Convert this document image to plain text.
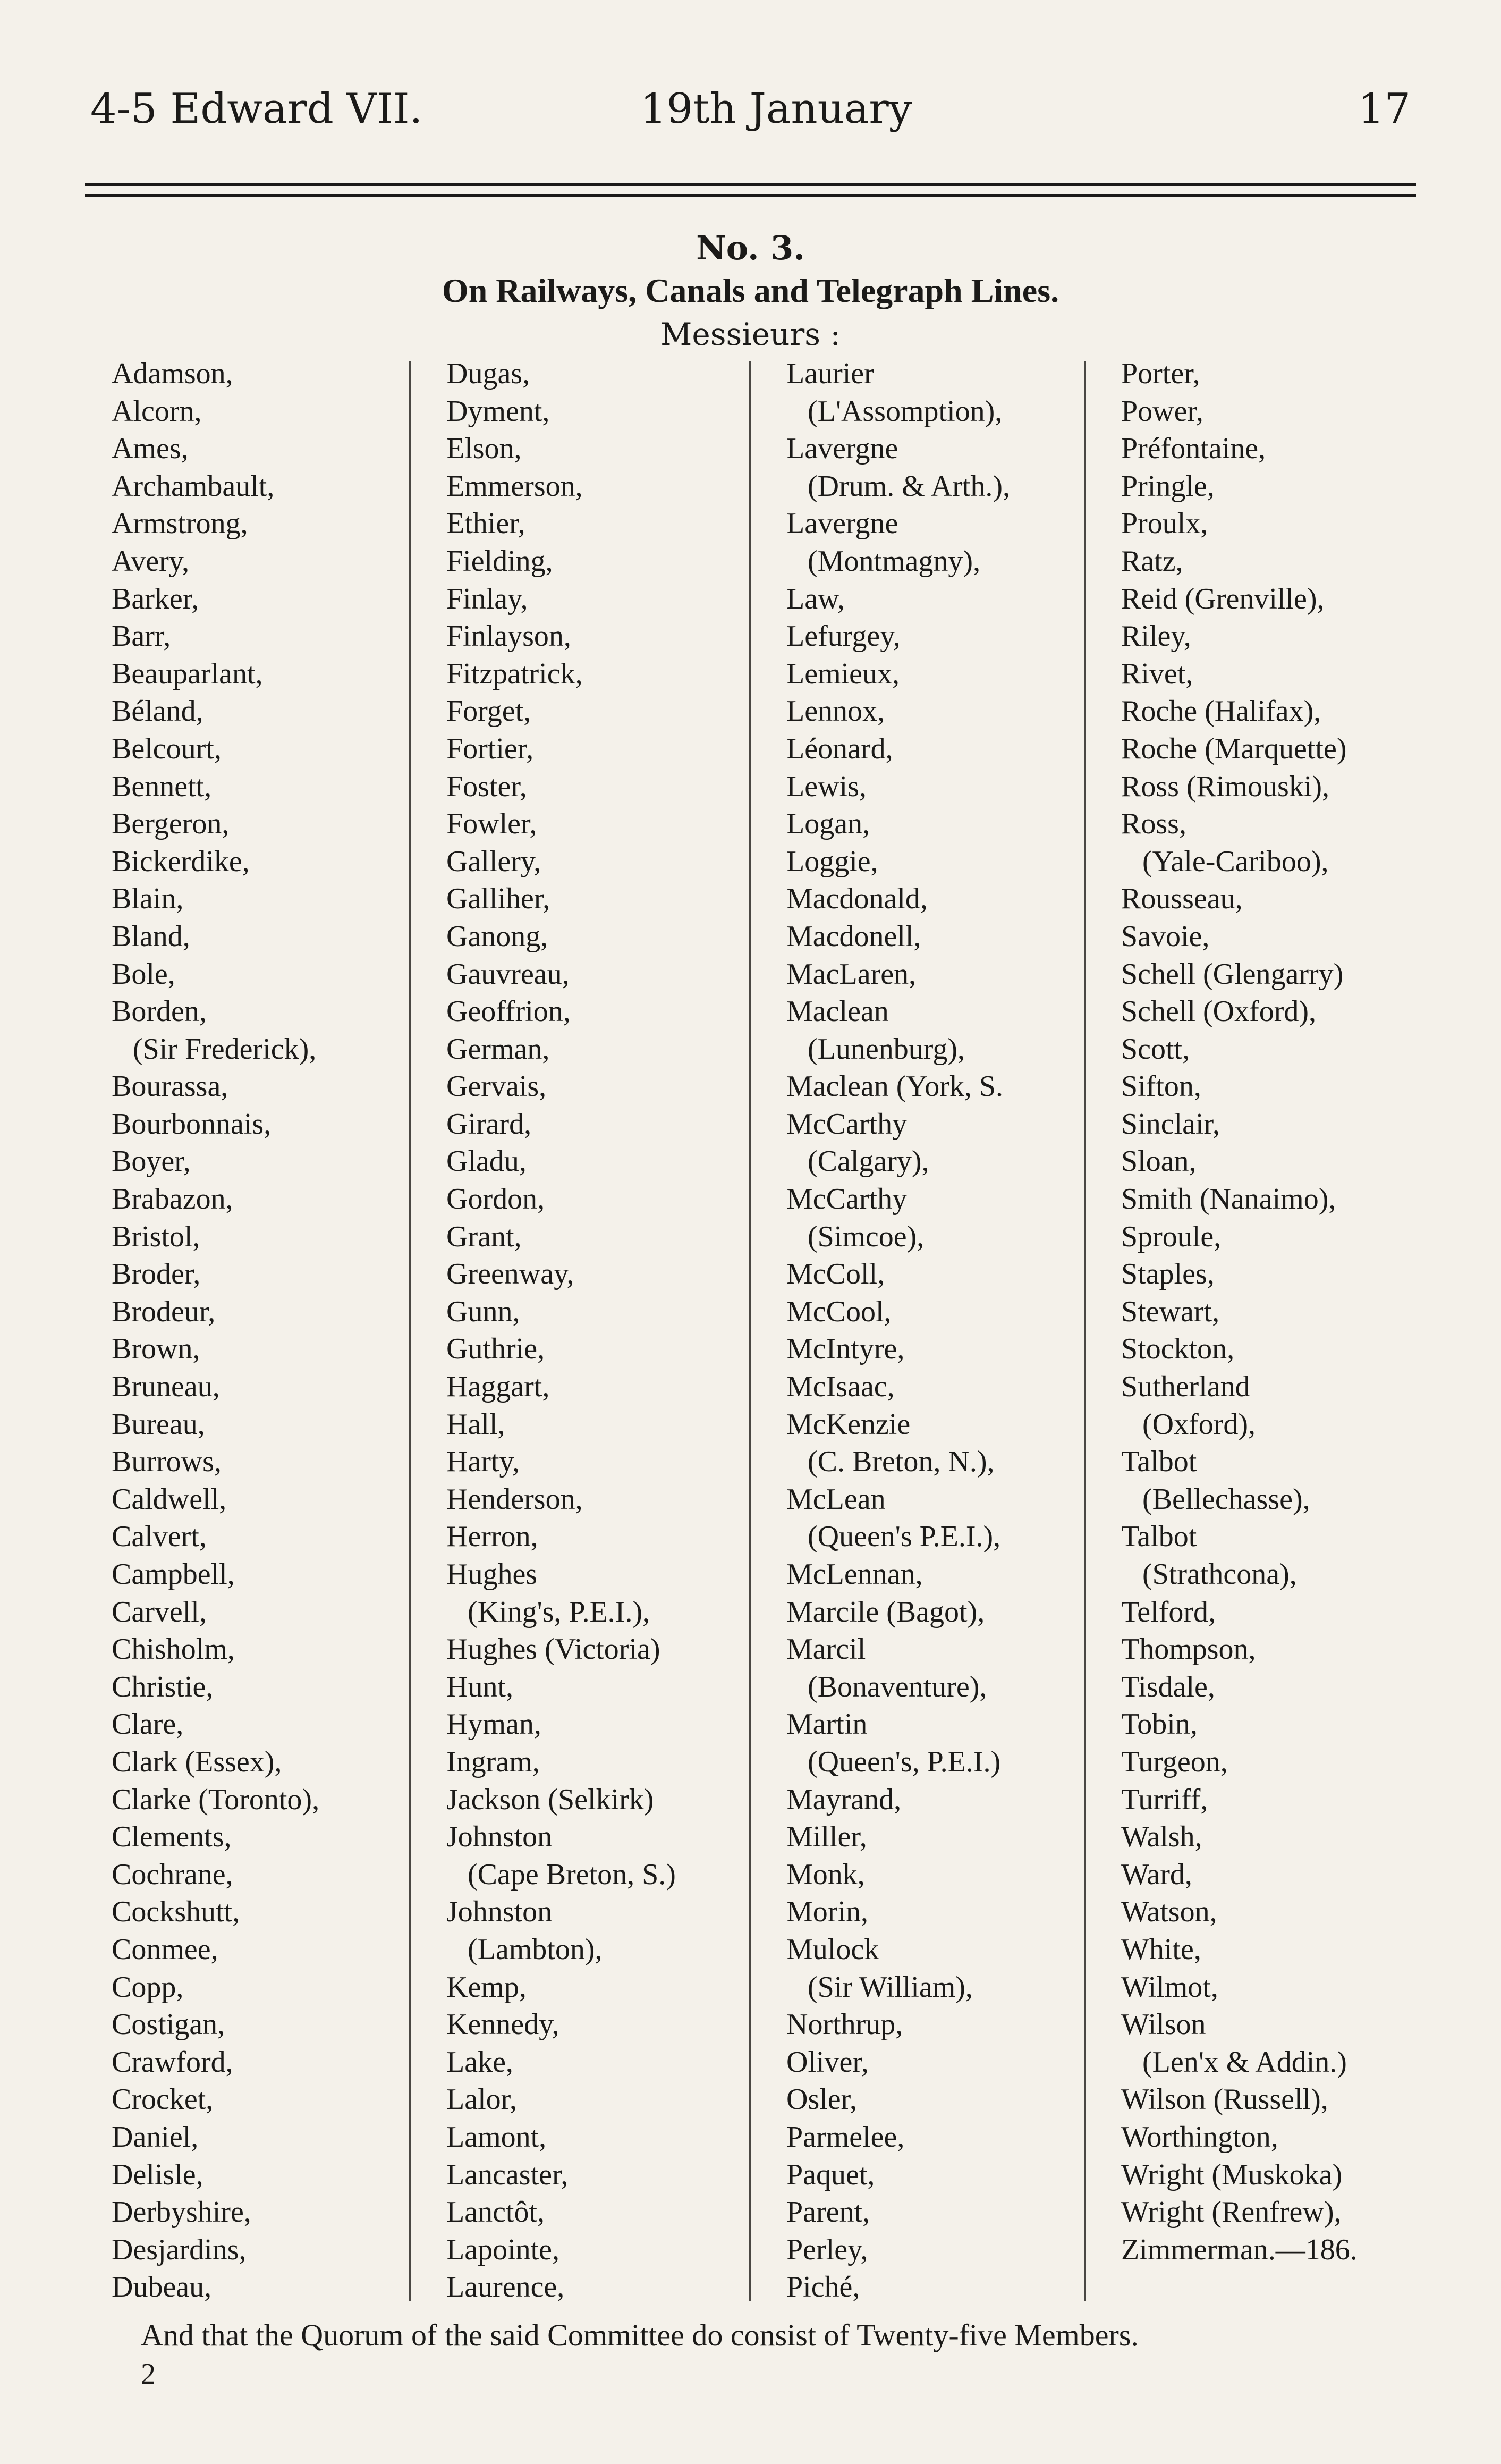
4-5 Edward VII.	19th January	17
No. 3.
On Railways, Canals and Telegraph Lines.
Messieurs :
Adamson,
Alcorn,
Ames,
Archambault,
Armstrong,
Avery,
Barker,
Barr,
Beauparlant,
Béland,
Belcourt,
Bennett,
Bergeron,
Bickerdike,
Blain,
Bland,
Bole,
Borden,
(Sir Frederick),
Bourassa,
Bourbonnais,
Boyer,
Brabazon,
Bristol,
Broder,
Brodeur,
Brown,
Bruneau,
Bureau,
Burrows,
Caldwell,
Calvert,
Campbell,
Carvell,
Chisholm,
Christie,
Clare,
Clark (Essex),
Clarke (Toronto),
Clements,
Cochrane,
Cockshutt,
Conmee,
Copp,
Costigan,
Crawford,
Crocket,
Daniel,
Delisle,
Derbyshire,
Desjardins,
Dubeau,
Dugas,
Dyment,
Elson,
Emmerson,
Ethier,
Fielding,
Finlay,
Finlayson,
Fitzpatrick,
Forget,
Fortier,
Foster,
Fowler,
Gallery,
Galliher,
Ganong,
Gauvreau,
Geoffrion,
German,
Gervais,
Girard,
Gladu,
Gordon,
Grant,
Greenway,
Gunn,
Guthrie,
Haggart,
Hall,
Harty,
Henderson,
Herron,
Hughes
(King's, P.E.I.),
Hughes (Victoria)
Hunt,
Hyman,
Ingram,
Jackson (Selkirk)
Johnston
(Cape Breton, S.)
Johnston
(Lambton),
Kemp,
Kennedy,
Lake,
Lalor,
Lamont,
Lancaster,
Lanctôt,
Lapointe,
Laurence,
Laurier
(L'Assomption),
Lavergne
(Drum. & Arth.),
Lavergne
(Montmagny),
Law,
Lefurgey,
Lemieux,
Lennox,
Léonard,
Lewis,
Logan,
Loggie,
Macdonald,
Macdonell,
MacLaren,
Maclean
(Lunenburg),
Maclean (York, S.
McCarthy
(Calgary),
McCarthy
(Simcoe),
McColl,
McCool,
McIntyre,
McIsaac,
McKenzie
(C. Breton, N.),
McLean
(Queen's P.E.I.),
McLennan,
Marcile (Bagot),
Marcil
(Bonaventure),
Martin
(Queen's, P.E.I.)
Mayrand,
Miller,
Monk,
Morin,
Mulock
(Sir William),
Northrup,
Oliver,
Osler,
Parmelee,
Paquet,
Parent,
Perley,
Piché,
Porter,
Power,
Préfontaine,
Pringle,
Proulx,
Ratz,
Reid (Grenville),
Riley,
Rivet,
Roche (Halifax),
Roche (Marquette)
Ross (Rimouski),
Ross,
(Yale-Cariboo),
Rousseau,
Savoie,
Schell (Glengarry)
Schell (Oxford),
Scott,
Sifton,
Sinclair,
Sloan,
Smith (Nanaimo),
Sproule,
Staples,
Stewart,
Stockton,
Sutherland
(Oxford),
Talbot
(Bellechasse),
Talbot
(Strathcona),
Telford,
Thompson,
Tisdale,
Tobin,
Turgeon,
Turriff,
Walsh,
Ward,
Watson,
White,
Wilmot,
Wilson
(Len'x & Addin.)
Wilson (Russell),
Worthington,
Wright (Muskoka)
Wright (Renfrew),
Zimmerman.—186.
And that the Quorum of the said Committee do consist of Twenty-five Members.
2
